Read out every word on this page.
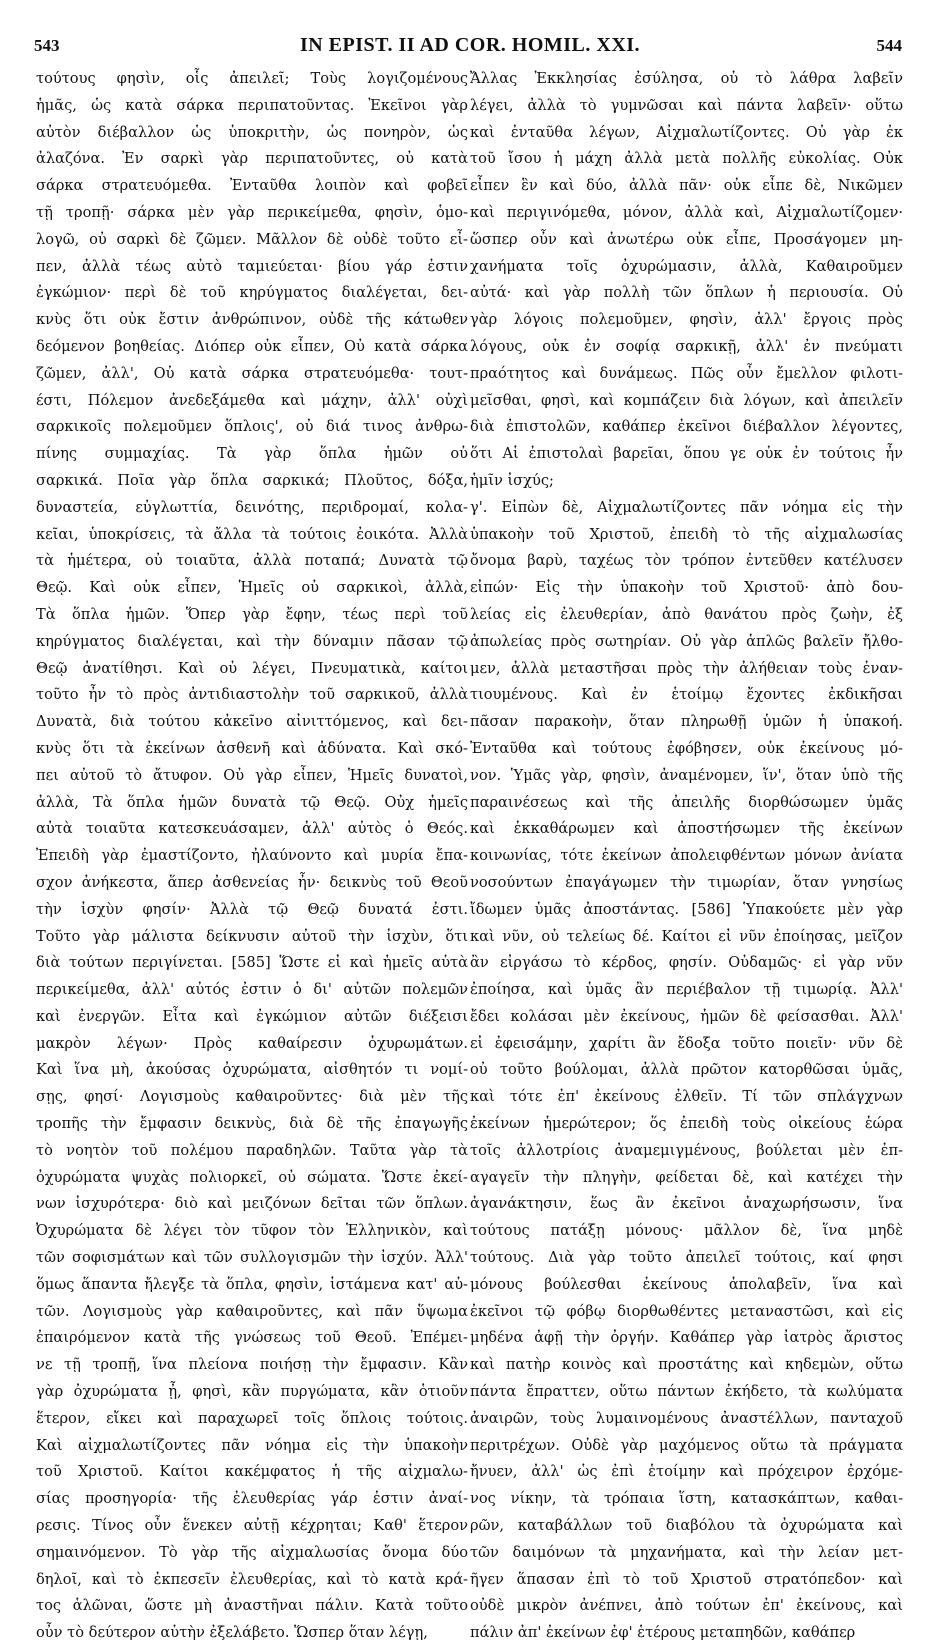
543	IN EPIST. II AD COR. HOMIL. XXI.	544
τούτους φησὶν, οἷς ἀπειλεῖ; Τοὺς λογιζομένους
ἡμᾶς, ὡς κατὰ σάρκα περιπατοῦντας. Ἐκεῖνοι γὰρ
αὐτὸν διέβαλλον ὡς ὑποκριτὴν, ὡς πονηρὸν, ὡς
ἀλαζόνα. Ἐν σαρκὶ γὰρ περιπατοῦντες, οὐ κατὰ
σάρκα στρατευόμεθα. Ἐνταῦθα λοιπὸν καὶ φοβεῖ
τῇ τροπῇ· σάρκα μὲν γὰρ περικείμεθα, φησὶν, ὁμο-
λογῶ, οὐ σαρκὶ δὲ ζῶμεν. Μᾶλλον δὲ οὐδὲ τοῦτο εἶ-
πεν, ἀλλὰ τέως αὐτὸ ταμιεύεται· βίου γάρ ἐστιν
ἐγκώμιον· περὶ δὲ τοῦ κηρύγματος διαλέγεται, δει-
κνὺς ὅτι οὐκ ἔστιν ἀνθρώπινον, οὐδὲ τῆς κάτωθεν
δεόμενον βοηθείας. Διόπερ οὐκ εἶπεν, Οὐ κατὰ σάρκα
ζῶμεν, ἀλλ', Οὐ κατὰ σάρκα στρατευόμεθα· τουτ-
έστι, Πόλεμον ἀνεδεξάμεθα καὶ μάχην, ἀλλ' οὐχὶ
σαρκικοῖς πολεμοῦμεν ὅπλοις', οὐ διά τινος ἀνθρω-
πίνης συμμαχίας. Τὰ γὰρ ὅπλα ἡμῶν οὐ
σαρκικά. Ποῖα γὰρ ὅπλα σαρκικά; Πλοῦτος, δόξα,
δυναστεία, εὐγλωττία, δεινότης, περιδρομαί, κολα-
κεῖαι, ὑποκρίσεις, τὰ ἄλλα τὰ τούτοις ἐοικότα. Ἀλλὰ
τὰ ἡμέτερα, οὐ τοιαῦτα, ἀλλὰ ποταπά; Δυνατὰ τῷ
Θεῷ. Καὶ οὐκ εἶπεν, Ἡμεῖς οὐ σαρκικοὶ, ἀλλὰ,
Τὰ ὅπλα ἡμῶν. Ὅπερ γὰρ ἔφην, τέως περὶ τοῦ
κηρύγματος διαλέγεται, καὶ τὴν δύναμιν πᾶσαν τῷ
Θεῷ ἀνατίθησι. Καὶ οὐ λέγει, Πνευματικὰ, καίτοι
τοῦτο ἦν τὸ πρὸς ἀντιδιαστολὴν τοῦ σαρκικοῦ, ἀλλὰ
Δυνατὰ, διὰ τούτου κἀκεῖνο αἰνιττόμενος, καὶ δει-
κνὺς ὅτι τὰ ἐκείνων ἀσθενῆ καὶ ἀδύνατα. Καὶ σκό-
πει αὐτοῦ τὸ ἄτυφον. Οὐ γὰρ εἶπεν, Ἡμεῖς δυνατοὶ,
ἀλλὰ, Τὰ ὅπλα ἡμῶν δυνατὰ τῷ Θεῷ. Οὐχ ἡμεῖς
αὐτὰ τοιαῦτα κατεσκευάσαμεν, ἀλλ' αὐτὸς ὁ Θεός.
Ἐπειδὴ γὰρ ἐμαστίζοντο, ἠλαύνοντο καὶ μυρία ἔπα-
σχον ἀνήκεστα, ἅπερ ἀσθενείας ἦν· δεικνὺς τοῦ Θεοῦ
τὴν ἰσχὺν φησίν· Ἀλλὰ τῷ Θεῷ δυνατά ἐστι.
Τοῦτο γὰρ μάλιστα δείκνυσιν αὐτοῦ τὴν ἰσχὺν, ὅτι
διὰ τούτων περιγίνεται. [585] Ὥστε εἰ καὶ ἡμεῖς αὐτὰ
περικείμεθα, ἀλλ' αὐτός ἐστιν ὁ δι' αὐτῶν πολεμῶν
καὶ ἐνεργῶν. Εἶτα καὶ ἐγκώμιον αὐτῶν διέξεισι
μακρὸν λέγων· Πρὸς καθαίρεσιν ὀχυρωμάτων.
Καὶ ἵνα μὴ, ἀκούσας ὀχυρώματα, αἰσθητόν τι νομί-
σῃς, φησί· Λογισμοὺς καθαιροῦντες· διὰ μὲν τῆς
τροπῆς τὴν ἔμφασιν δεικνὺς, διὰ δὲ τῆς ἐπαγωγῆς
τὸ νοητὸν τοῦ πολέμου παραδηλῶν. Ταῦτα γὰρ τὰ
ὀχυρώματα ψυχὰς πολιορκεῖ, οὐ σώματα. Ὥστε ἐκεί-
νων ἰσχυρότερα· διὸ καὶ μειζόνων δεῖται τῶν ὅπλων.
Ὀχυρώματα δὲ λέγει τὸν τῦφον τὸν Ἑλληνικὸν, καὶ
τῶν σοφισμάτων καὶ τῶν συλλογισμῶν τὴν ἰσχύν. Ἀλλ'
ὅμως ἅπαντα ἤλεγξε τὰ ὅπλα, φησὶν, ἱστάμενα κατ' αὐ-
τῶν. Λογισμοὺς γὰρ καθαιροῦντες, καὶ πᾶν ὕψωμα
ἐπαιρόμενον κατὰ τῆς γνώσεως τοῦ Θεοῦ. Ἐπέμει-
νε τῇ τροπῇ, ἵνα πλείονα ποιήσῃ τὴν ἔμφασιν. Κἂν
γὰρ ὀχυρώματα ᾖ, φησὶ, κἂν πυργώματα, κἂν ὁτιοῦν
ἕτερον, εἴκει καὶ παραχωρεῖ τοῖς ὅπλοις τούτοις.
Καὶ αἰχμαλωτίζοντες πᾶν νόημα εἰς τὴν ὑπακοὴν
τοῦ Χριστοῦ. Καίτοι κακέμφατος ἡ τῆς αἰχμαλω-
σίας προσηγορία· τῆς ἐλευθερίας γάρ ἐστιν ἀναί-
ρεσις. Τίνος οὖν ἕνεκεν αὐτῇ κέχρηται; Καθ' ἕτερον
σημαινόμενον. Τὸ γὰρ τῆς αἰχμαλωσίας ὄνομα δύο
δηλοῖ, καὶ τὸ ἐκπεσεῖν ἐλευθερίας, καὶ τὸ κατὰ κρά-
τος ἁλῶναι, ὥστε μὴ ἀναστῆναι πάλιν. Κατὰ τοῦτο
οὖν τὸ δεύτερον αὐτὴν ἐξελάβετο. Ὥσπερ ὅταν λέγῃ,
Ἄλλας Ἐκκλησίας ἐσύλησα, οὐ τὸ λάθρα λαβεῖν
λέγει, ἀλλὰ τὸ γυμνῶσαι καὶ πάντα λαβεῖν· οὕτω
καὶ ἐνταῦθα λέγων, Αἰχμαλωτίζοντες. Οὐ γὰρ ἐκ
τοῦ ἴσου ἡ μάχη ἀλλὰ μετὰ πολλῆς εὐκολίας. Οὐκ
εἶπεν ἓν καὶ δύο, ἀλλὰ πᾶν· οὐκ εἶπε δὲ, Νικῶμεν
καὶ περιγινόμεθα, μόνον, ἀλλὰ καὶ, Αἰχμαλωτίζομεν·
ὥσπερ οὖν καὶ ἀνωτέρω οὐκ εἶπε, Προσάγομεν μη-
χανήματα τοῖς ὀχυρώμασιν, ἀλλὰ, Καθαιροῦμεν
αὐτά· καὶ γὰρ πολλὴ τῶν ὅπλων ἡ περιουσία. Οὐ
γὰρ λόγοις πολεμοῦμεν, φησὶν, ἀλλ' ἔργοις πρὸς
λόγους, οὐκ ἐν σοφίᾳ σαρκικῇ, ἀλλ' ἐν πνεύματι
πραότητος καὶ δυνάμεως. Πῶς οὖν ἔμελλον φιλοτι-
μεῖσθαι, φησὶ, καὶ κομπάζειν διὰ λόγων, καὶ ἀπειλεῖν
διὰ ἐπιστολῶν, καθάπερ ἐκεῖνοι διέβαλλον λέγοντες,
ὅτι Αἱ ἐπιστολαὶ βαρεῖαι, ὅπου γε οὐκ ἐν τούτοις ἦν
ἡμῖν ἰσχύς;
γ'. Εἰπὼν δὲ, Αἰχμαλωτίζοντες πᾶν νόημα εἰς τὴν
ὑπακοὴν τοῦ Χριστοῦ, ἐπειδὴ τὸ τῆς αἰχμαλωσίας
ὄνομα βαρὺ, ταχέως τὸν τρόπον ἐντεῦθεν κατέλυσεν
εἰπών· Εἰς τὴν ὑπακοὴν τοῦ Χριστοῦ· ἀπὸ δου-
λείας εἰς ἐλευθερίαν, ἀπὸ θανάτου πρὸς ζωὴν, ἐξ
ἀπωλείας πρὸς σωτηρίαν. Οὐ γὰρ ἁπλῶς βαλεῖν ἤλθο-
μεν, ἀλλὰ μεταστῆσαι πρὸς τὴν ἀλήθειαν τοὺς ἐναν-
τιουμένους. Καὶ ἐν ἑτοίμῳ ἔχοντες ἐκδικῆσαι
πᾶσαν παρακοὴν, ὅταν πληρωθῇ ὑμῶν ἡ ὑπακοή.
Ἐνταῦθα καὶ τούτους ἐφόβησεν, οὐκ ἐκείνους μό-
νον. Ὑμᾶς γὰρ, φησὶν, ἀναμένομεν, ἵν', ὅταν ὑπὸ τῆς
παραινέσεως καὶ τῆς ἀπειλῆς διορθώσωμεν ὑμᾶς
καὶ ἐκκαθάρωμεν καὶ ἀποστήσωμεν τῆς ἐκείνων
κοινωνίας, τότε ἐκείνων ἀπολειφθέντων μόνων ἀνίατα
νοσούντων ἐπαγάγωμεν τὴν τιμωρίαν, ὅταν γνησίως
ἴδωμεν ὑμᾶς ἀποστάντας. [586] Ὑπακούετε μὲν γὰρ
καὶ νῦν, οὐ τελείως δέ. Καίτοι εἰ νῦν ἐποίησας, μεῖζον
ἂν εἰργάσω τὸ κέρδος, φησίν. Οὐδαμῶς· εἰ γὰρ νῦν
ἐποίησα, καὶ ὑμᾶς ἂν περιέβαλον τῇ τιμωρίᾳ. Ἀλλ'
ἔδει κολάσαι μὲν ἐκείνους, ἡμῶν δὲ φείσασθαι. Ἀλλ'
εἰ ἐφεισάμην, χαρίτι ἂν ἔδοξα τοῦτο ποιεῖν· νῦν δὲ
οὐ τοῦτο βούλομαι, ἀλλὰ πρῶτον κατορθῶσαι ὑμᾶς,
καὶ τότε ἐπ' ἐκείνους ἐλθεῖν. Τί τῶν σπλάγχνων
ἐκείνων ἡμερώτερον; ὅς ἐπειδὴ τοὺς οἰκείους ἑώρα
τοῖς ἀλλοτρίοις ἀναμεμιγμένους, βούλεται μὲν ἐπ-
αγαγεῖν τὴν πληγὴν, φείδεται δὲ, καὶ κατέχει τὴν
ἀγανάκτησιν, ἕως ἂν ἐκεῖνοι ἀναχωρήσωσιν, ἵνα
τούτους πατάξῃ μόνους· μᾶλλον δὲ, ἵνα μηδὲ
τούτους. Διὰ γὰρ τοῦτο ἀπειλεῖ τούτοις, καί φησι
μόνους βούλεσθαι ἐκείνους ἀπολαβεῖν, ἵνα καὶ
ἐκεῖνοι τῷ φόβῳ διορθωθέντες μεταναστῶσι, καὶ εἰς
μηδένα ἀφῇ τὴν ὀργήν. Καθάπερ γὰρ ἰατρὸς ἄριστος
καὶ πατὴρ κοινὸς καὶ προστάτης καὶ κηδεμὼν, οὕτω
πάντα ἔπραττεν, οὕτω πάντων ἐκήδετο, τὰ κωλύματα
ἀναιρῶν, τοὺς λυμαινομένους ἀναστέλλων, πανταχοῦ
περιτρέχων. Οὐδὲ γὰρ μαχόμενος οὕτω τὰ πράγματα
ἤνυεν, ἀλλ' ὡς ἐπὶ ἑτοίμην καὶ πρόχειρον ἐρχόμε-
νος νίκην, τὰ τρόπαια ἵστη, κατασκάπτων, καθαι-
ρῶν, καταβάλλων τοῦ διαβόλου τὰ ὀχυρώματα καὶ
τῶν δαιμόνων τὰ μηχανήματα, καὶ τὴν λείαν μετ-
ῆγεν ἅπασαν ἐπὶ τὸ τοῦ Χριστοῦ στρατόπεδον· καὶ
οὐδὲ μικρὸν ἀνέπνει, ἀπὸ τούτων ἐπ' ἐκείνους, καὶ
πάλιν ἀπ' ἐκείνων ἐφ' ἑτέρους μεταπηδῶν, καθάπερ
